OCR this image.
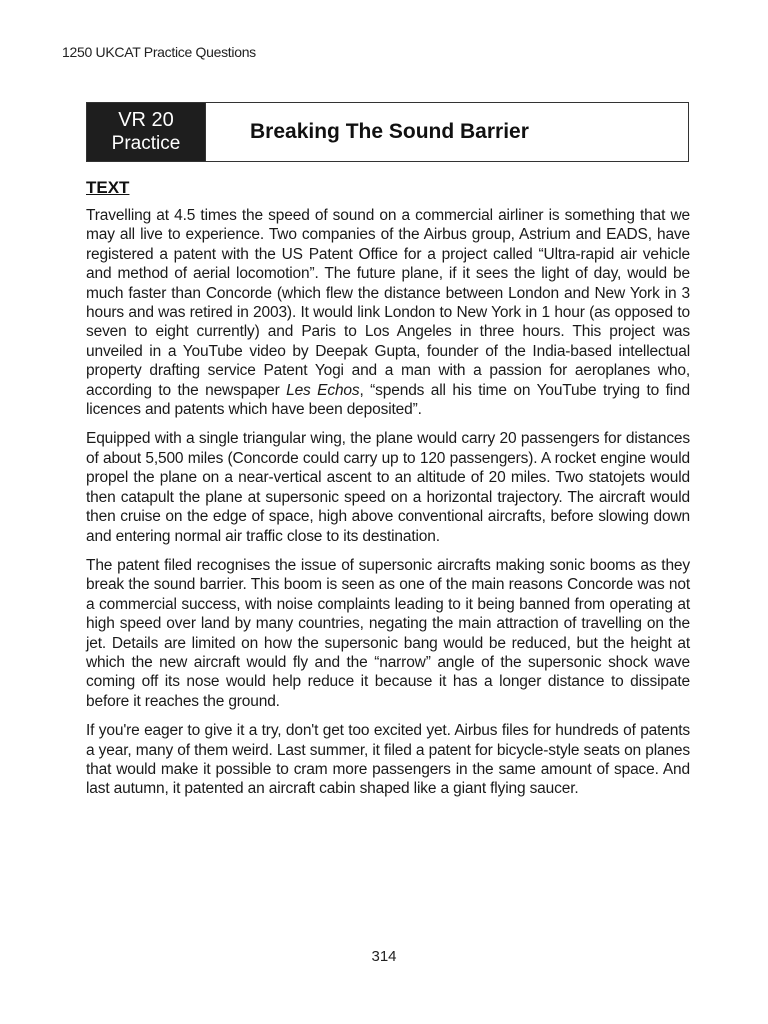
1250 UKCAT Practice Questions
VR 20
Practice
Breaking The Sound Barrier
TEXT

Travelling at 4.5 times the speed of sound on a commercial airliner is something that we may all live to experience. Two companies of the Airbus group, Astrium and EADS, have registered a patent with the US Patent Office for a project called “Ultra-rapid air vehicle and method of aerial locomotion”. The future plane, if it sees the light of day, would be much faster than Concorde (which flew the distance between London and New York in 3 hours and was retired in 2003). It would link London to New York in 1 hour (as opposed to seven to eight currently) and Paris to Los Angeles in three hours. This project was unveiled in a YouTube video by Deepak Gupta, founder of the India-based intellectual property drafting service Patent Yogi and a man with a passion for aeroplanes who, according to the newspaper Les Echos, “spends all his time on YouTube trying to find licences and patents which have been deposited”.

Equipped with a single triangular wing, the plane would carry 20 passengers for distances of about 5,500 miles (Concorde could carry up to 120 passengers). A rocket engine would propel the plane on a near-vertical ascent to an altitude of 20 miles. Two statojets would then catapult the plane at supersonic speed on a horizontal trajectory. The aircraft would then cruise on the edge of space, high above conventional aircrafts, before slowing down and entering normal air traffic close to its destination.

The patent filed recognises the issue of supersonic aircrafts making sonic booms as they break the sound barrier. This boom is seen as one of the main reasons Concorde was not a commercial success, with noise complaints leading to it being banned from operating at high speed over land by many countries, negating the main attraction of travelling on the jet. Details are limited on how the supersonic bang would be reduced, but the height at which the new aircraft would fly and the “narrow” angle of the supersonic shock wave coming off its nose would help reduce it because it has a longer distance to dissipate before it reaches the ground.

If you're eager to give it a try, don't get too excited yet. Airbus files for hundreds of patents a year, many of them weird. Last summer, it filed a patent for bicycle-style seats on planes that would make it possible to cram more passengers in the same amount of space. And last autumn, it patented an aircraft cabin shaped like a giant flying saucer.

314
